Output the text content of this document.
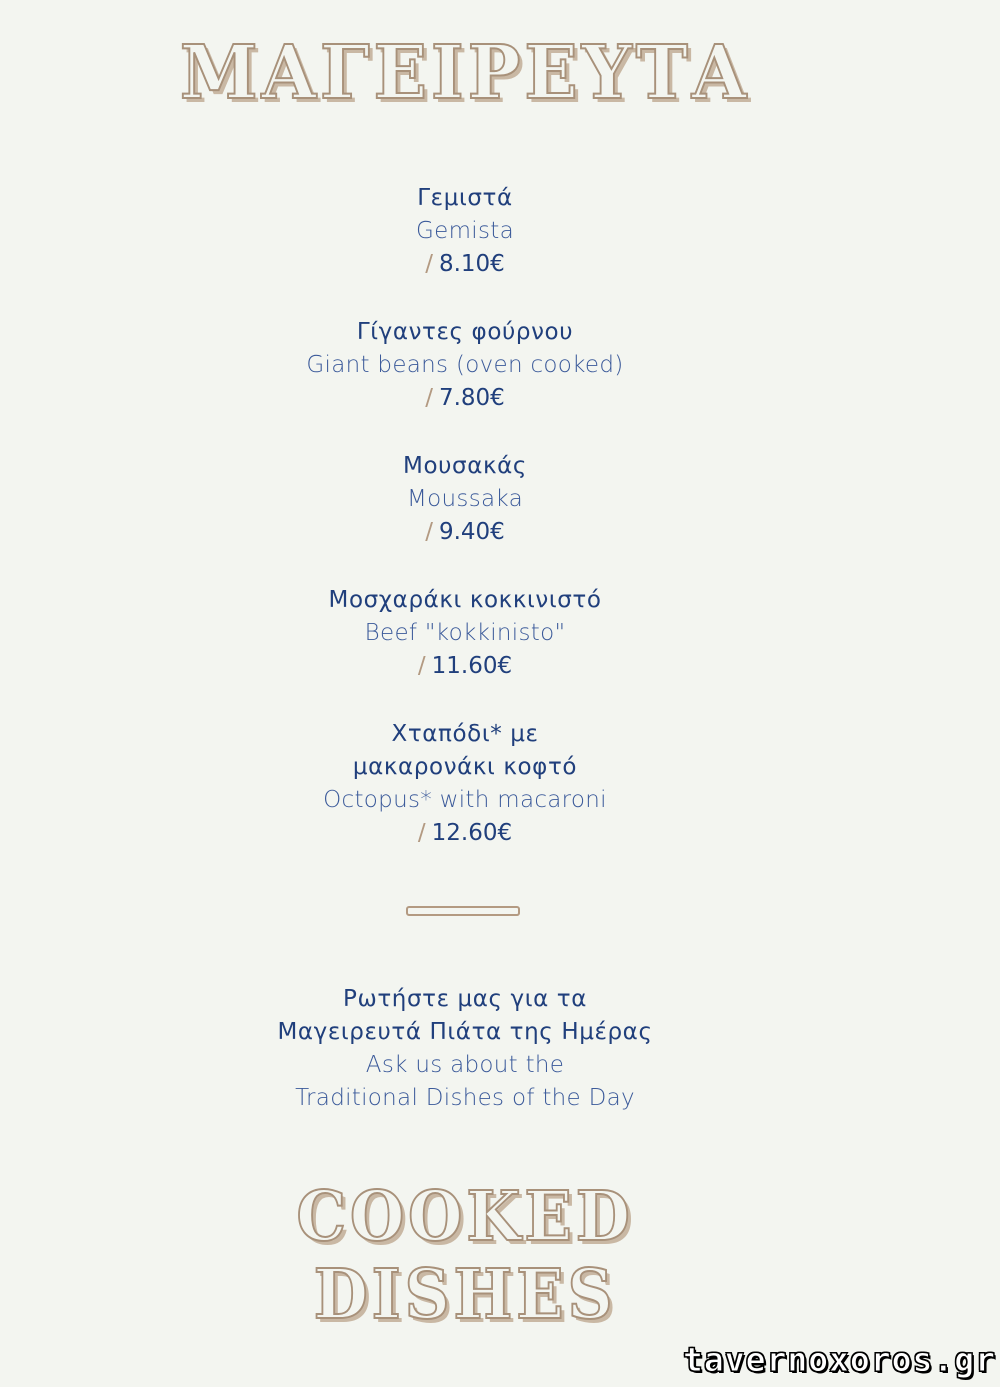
ΜΑΓΕΙΡΕΥΤΑ
Γεμιστά
Gemista
/ 8.10€
Γίγαντες φούρνου
Giant beans (oven cooked)
/ 7.80€
Μουσακάς
Moussaka
/ 9.40€
Μοσχαράκι κοκκινιστό
Beef "kokkinisto"
/ 11.60€
Χταπόδι* με
μακαρονάκι κοφτό
Octopus* with macaroni
/ 12.60€
Ρωτήστε μας για τα
Μαγειρευτά Πιάτα της Ημέρας
Ask us about the
Traditional Dishes of the Day
COOKED
DISHES
tavernoxoros.gr
